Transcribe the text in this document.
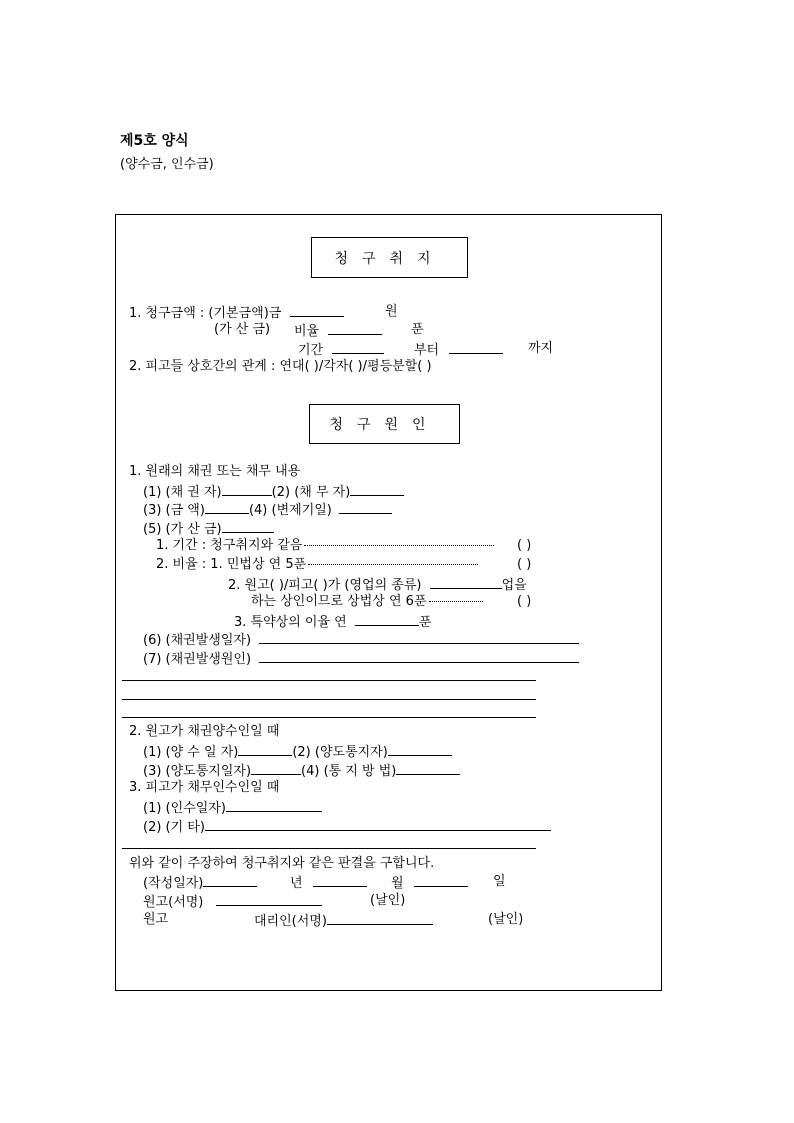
제5호 양식
(양수금, 인수금)
청구취지
1. 청구금액 : (기본금액)금	원
(가 산 금) 비율	푼
기간	부터	까지
2. 피고들 상호간의 관계 : 연대( )/각자( )/평등분할( )
청구원인
1. 원래의 채권 또는 채무 내용
(1) (채 권 자)	(2) (채 무 자)
(3) (금 액)	(4) (변제기일)
(5) (가 산 금)
1. 기간 : 청구취지와 같음	( )
2. 비율 : 1. 민법상 연 5푼	( )
2. 원고( )/피고( )가 (영업의 종류)	업을
하는 상인이므로 상법상 연 6푼	( )
3. 특약상의 이율 연	푼
(6) (채권발생일자)
(7) (채권발생원인)
2. 원고가 채권양수인일 때
(1) (양 수 일 자)	(2) (양도통지자)
(3) (양도통지일자)	(4) (통 지 방 법)
3. 피고가 채무인수인일 때
(1) (인수일자)
(2) (기 타)
위와 같이 주장하여 청구취지와 같은 판결을 구합니다.
(작성일자)	년	월	일
원고(서명)	(날인)
원고	대리인(서명)	(날인)
